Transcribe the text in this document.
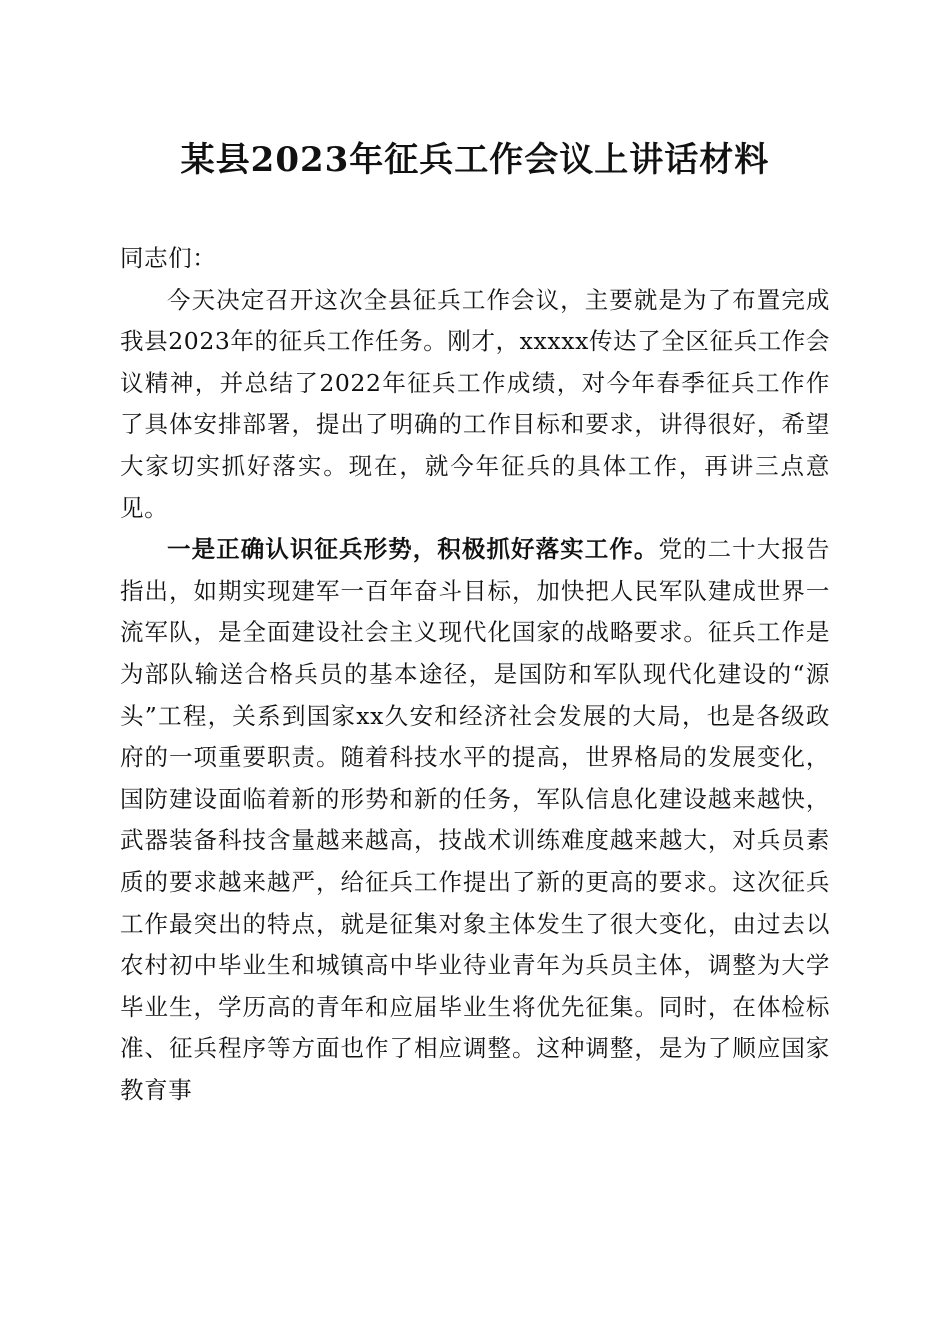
某县2023年征兵工作会议上讲话材料

同志们：

今天决定召开这次全县征兵工作会议，主要就是为了布置完成我县2023年的征兵工作任务。刚才，xxxxx传达了全区征兵工作会议精神，并总结了2022年征兵工作成绩，对今年春季征兵工作作了具体安排部署，提出了明确的工作目标和要求，讲得很好，希望大家切实抓好落实。现在，就今年征兵的具体工作，再讲三点意见。

一是正确认识征兵形势，积极抓好落实工作。党的二十大报告指出，如期实现建军一百年奋斗目标，加快把人民军队建成世界一流军队，是全面建设社会主义现代化国家的战略要求。征兵工作是为部队输送合格兵员的基本途径，是国防和军队现代化建设的“源头”工程，关系到国家xx久安和经济社会发展的大局，也是各级政府的一项重要职责。随着科技水平的提高，世界格局的发展变化，国防建设面临着新的形势和新的任务，军队信息化建设越来越快，武器装备科技含量越来越高，技战术训练难度越来越大，对兵员素质的要求越来越严，给征兵工作提出了新的更高的要求。这次征兵工作最突出的特点，就是征集对象主体发生了很大变化，由过去以农村初中毕业生和城镇高中毕业待业青年为兵员主体，调整为大学毕业生，学历高的青年和应届毕业生将优先征集。同时，在体检标准、征兵程序等方面也作了相应调整。这种调整，是为了顺应国家教育事
